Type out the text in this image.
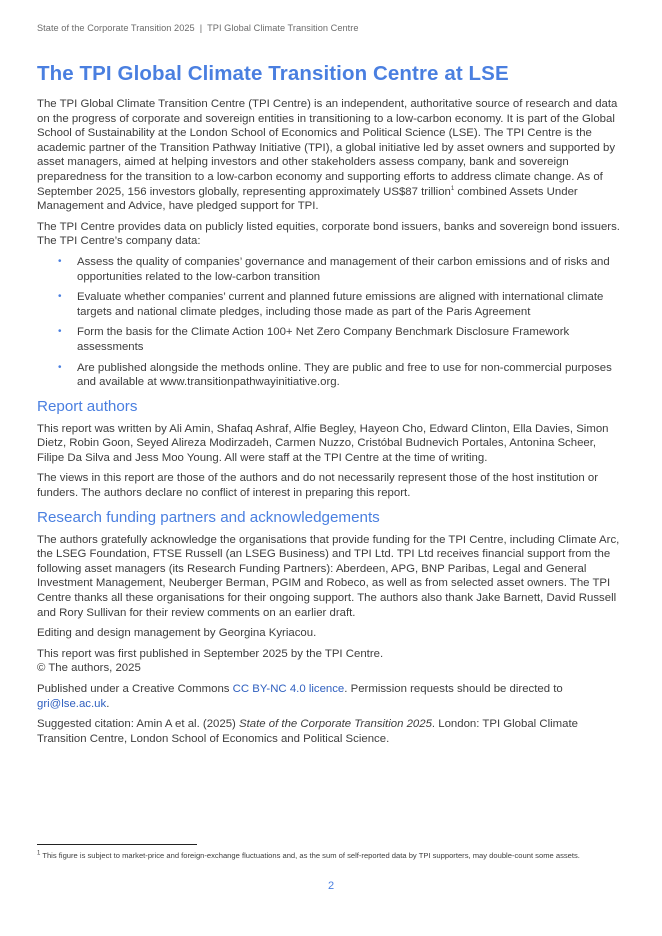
State of the Corporate Transition 2025 | TPI Global Climate Transition Centre
The TPI Global Climate Transition Centre at LSE

The TPI Global Climate Transition Centre (TPI Centre) is an independent, authoritative source of research and data on the progress of corporate and sovereign entities in transitioning to a low-carbon economy. It is part of the Global School of Sustainability at the London School of Economics and Political Science (LSE). The TPI Centre is the academic partner of the Transition Pathway Initiative (TPI), a global initiative led by asset owners and supported by asset managers, aimed at helping investors and other stakeholders assess company, bank and sovereign preparedness for the transition to a low-carbon economy and supporting efforts to address climate change. As of September 2025, 156 investors globally, representing approximately US$87 trillion$^1$ combined Assets Under Management and Advice, have pledged support for TPI.

The TPI Centre provides data on publicly listed equities, corporate bond issuers, banks and sovereign bond issuers. The TPI Centre’s company data:

• Assess the quality of companies’ governance and management of their carbon emissions and of risks and opportunities related to the low-carbon transition
• Evaluate whether companies’ current and planned future emissions are aligned with international climate targets and national climate pledges, including those made as part of the Paris Agreement
• Form the basis for the Climate Action 100+ Net Zero Company Benchmark Disclosure Framework assessments
• Are published alongside the methods online. They are public and free to use for non-commercial purposes and available at www.transitionpathwayinitiative.org.
Report authors

This report was written by Ali Amin, Shafaq Ashraf, Alfie Begley, Hayeon Cho, Edward Clinton, Ella Davies, Simon Dietz, Robin Goon, Seyed Alireza Modirzadeh, Carmen Nuzzo, Cristóbal Budnevich Portales, Antonina Scheer, Filipe Da Silva and Jess Moo Young. All were staff at the TPI Centre at the time of writing.

The views in this report are those of the authors and do not necessarily represent those of the host institution or funders. The authors declare no conflict of interest in preparing this report.

Research funding partners and acknowledgements

The authors gratefully acknowledge the organisations that provide funding for the TPI Centre, including Climate Arc, the LSEG Foundation, FTSE Russell (an LSEG Business) and TPI Ltd. TPI Ltd receives financial support from the following asset managers (its Research Funding Partners): Aberdeen, APG, BNP Paribas, Legal and General Investment Management, Neuberger Berman, PGIM and Robeco, as well as from selected asset owners. The TPI Centre thanks all these organisations for their ongoing support. The authors also thank Jake Barnett, David Russell and Rory Sullivan for their review comments on an earlier draft.

Editing and design management by Georgina Kyriacou.

This report was first published in September 2025 by the TPI Centre.
© The authors, 2025

Published under a Creative Commons CC BY-NC 4.0 licence. Permission requests should be directed to gri@lse.ac.uk.

Suggested citation: Amin A et al. (2025) State of the Corporate Transition 2025. London: TPI Global Climate Transition Centre, London School of Economics and Political Science.

$^1$ This figure is subject to market-price and foreign-exchange fluctuations and, as the sum of self-reported data by TPI supporters, may double-count some assets.
2
